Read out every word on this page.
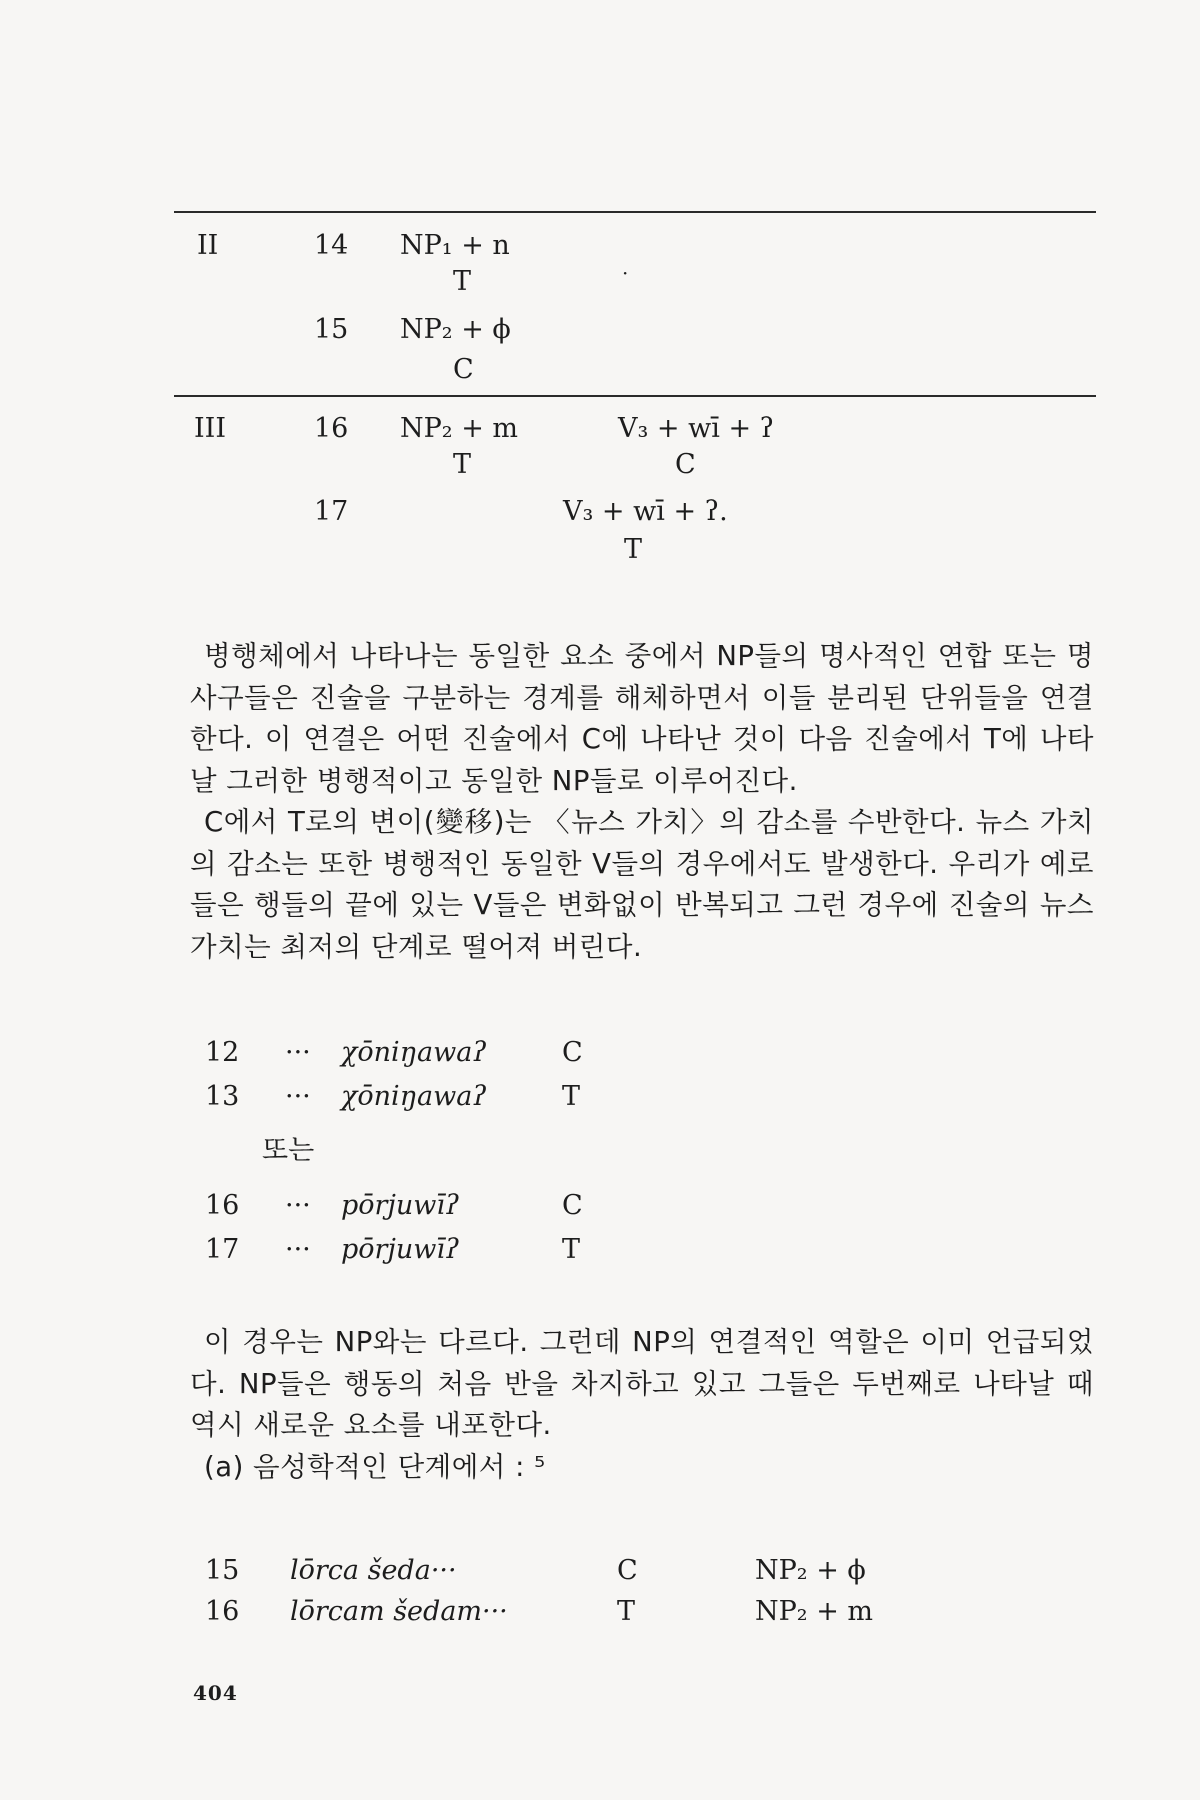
II	14 NP₁ + n
T	·
15 NP₂ + ϕ
C
III	16 NP₂ + m	V₃ + wī + ʔ
T	C
17	V₃ + wī + ʔ.
T

병행체에서 나타나는 동일한 요소 중에서 NP들의 명사적인 연합 또는 명사구들은 진술을 구분하는 경계를 해체하면서 이들 분리된 단위들을 연결한다. 이 연결은 어떤 진술에서 C에 나타난 것이 다음 진술에서 T에 나타날 그러한 병행적이고 동일한 NP들로 이루어진다.

C에서 T로의 변이(變移)는 〈뉴스 가치〉의 감소를 수반한다. 뉴스 가치의 감소는 또한 병행적인 동일한 V들의 경우에서도 발생한다. 우리가 예로 들은 행들의 끝에 있는 V들은 변화없이 반복되고 그런 경우에 진술의 뉴스 가치는 최저의 단계로 떨어져 버린다.

12 ··· χōniŋawaʔ	C
13 ··· χōniŋawaʔ	T
또는
16 ··· pōrjuwīʔ	C
17 ··· pōrjuwīʔ	T

이 경우는 NP와는 다르다. 그런데 NP의 연결적인 역할은 이미 언급되었다. NP들은 행동의 처음 반을 차지하고 있고 그들은 두번째로 나타날 때 역시 새로운 요소를 내포한다.

(a) 음성학적인 단계에서 : ⁵

15 lōrca šeda···	C	NP₂ + ϕ
16 lōrcam šedam···	T	NP₂ + m
404
